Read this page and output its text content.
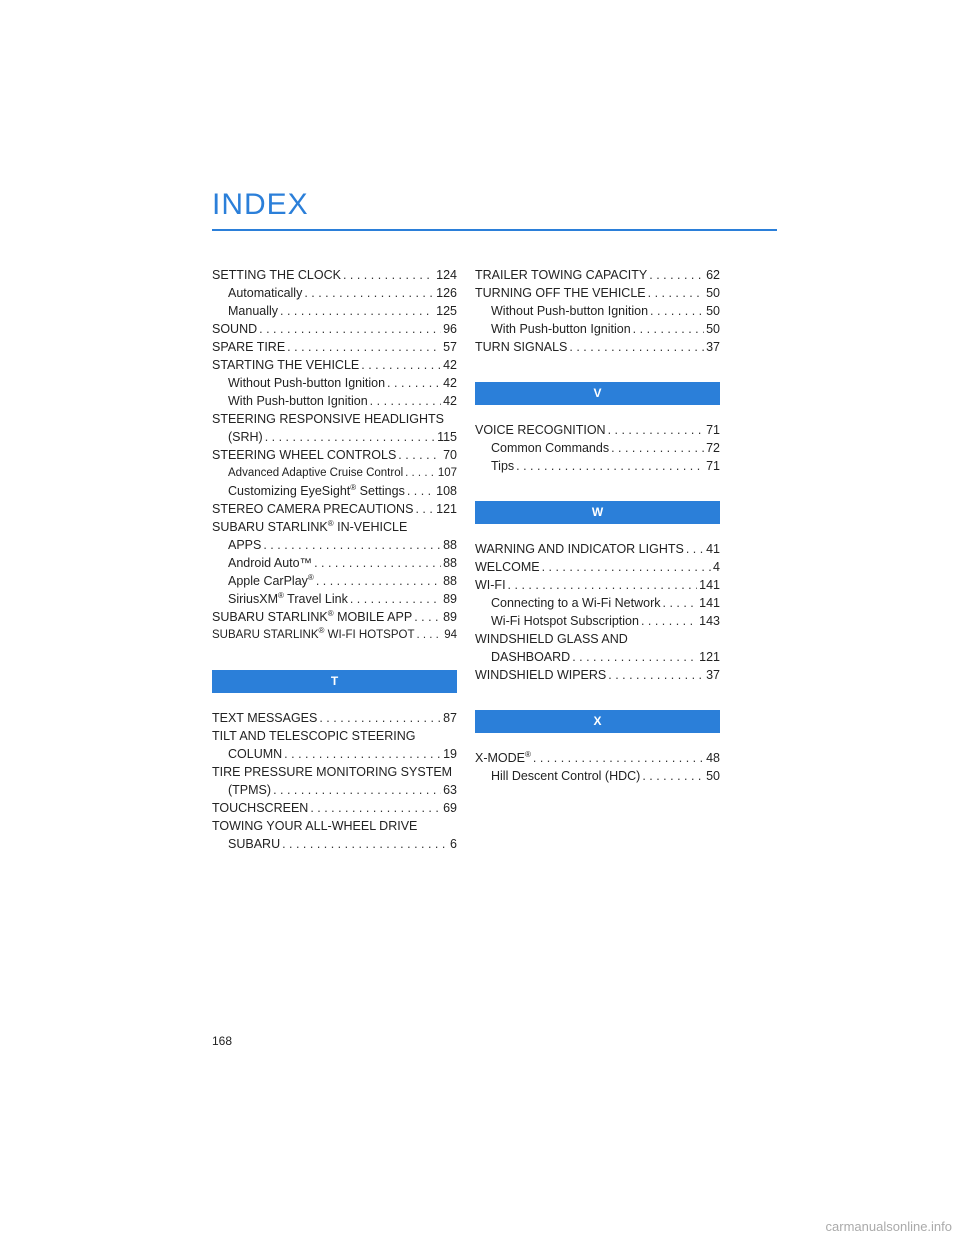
INDEX
SETTING THE CLOCK . . .	124
Automatically . . .	126
Manually . . .	125
SOUND . . .	96
SPARE TIRE . . .	57
STARTING THE VEHICLE . . .	42
Without Push-button Ignition . . .	42
With Push-button Ignition . . .	42
STEERING RESPONSIVE HEADLIGHTS
(SRH) . . .	115
STEERING WHEEL CONTROLS . . .	70
Advanced Adaptive Cruise Control . . .	107
Customizing EyeSight® Settings . . .	108
STEREO CAMERA PRECAUTIONS . . . 121
SUBARU STARLINK® IN-VEHICLE
APPS . . .	88
Android Auto™ . . .	88
Apple CarPlay® . . .	88
SiriusXM® Travel Link . . .	89
SUBARU STARLINK® MOBILE APP . . . 89
SUBARU STARLINK® WI-FI HOTSPOT . . .	94
T
TEXT MESSAGES . . .	87
TILT AND TELESCOPIC STEERING
COLUMN . . .	19
TIRE PRESSURE MONITORING SYSTEM
(TPMS) . . .	63
TOUCHSCREEN . . .	69
TOWING YOUR ALL-WHEEL DRIVE
SUBARU . . .	6
TRAILER TOWING CAPACITY . . .	62
TURNING OFF THE VEHICLE . . .	50
Without Push-button Ignition . . .	50
With Push-button Ignition . . .	50
TURN SIGNALS . . .	37
V
VOICE RECOGNITION . . .	71
Common Commands . . .	72
Tips . . .	71
W
WARNING AND INDICATOR LIGHTS . . . 41
WELCOME . . .	4
WI-FI . . .	141
Connecting to a Wi-Fi Network . . .	141
Wi-Fi Hotspot Subscription . . .	143
WINDSHIELD GLASS AND
DASHBOARD . . .	121
WINDSHIELD WIPERS . . .	37
X
X-MODE® . . .	48
Hill Descent Control (HDC) . . .	50
168
carmanualsonline.info
